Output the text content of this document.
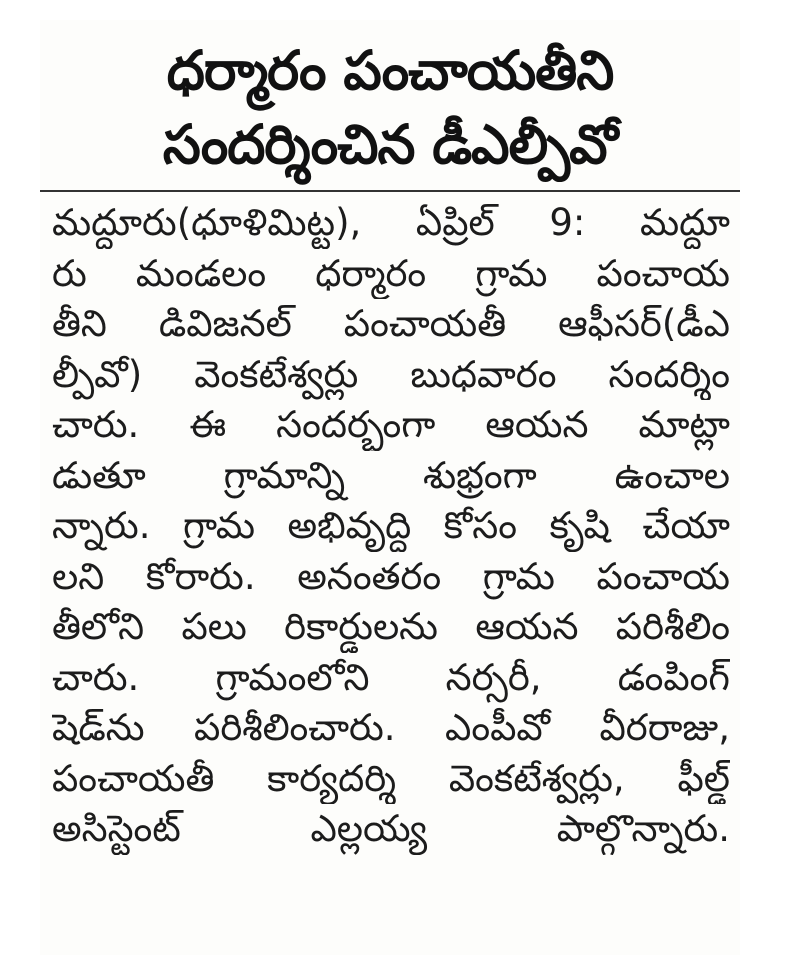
ధర్మారం పంచాయతీని
సందర్శించిన డీఎల్పీవో
మద్దూరు(ధూళిమిట్ట), ఏప్రిల్ 9: మద్దూ
రు మండలం ధర్మారం గ్రామ పంచాయ
తీని డివిజనల్ పంచాయతీ ఆఫీసర్(డీఎ
ల్పీవో) వెంకటేశ్వర్లు బుధవారం సందర్శిం
చారు. ఈ సందర్భంగా ఆయన మాట్లా
డుతూ గ్రామాన్ని శుభ్రంగా ఉంచాల
న్నారు. గ్రామ అభివృద్ధి కోసం కృషి చేయా
లని కోరారు. అనంతరం గ్రామ పంచాయ
తీలోని పలు రికార్డులను ఆయన పరిశీలిం
చారు. గ్రామంలోని నర్సరీ, డంపింగ్
షెడ్‌ను పరిశీలించారు. ఎంపీవో వీరరాజు,
పంచాయతీ కార్యదర్శి వెంకటేశ్వర్లు, ఫీల్డ్
అసిస్టెంట్ ఎల్లయ్య పాల్గొన్నారు.
